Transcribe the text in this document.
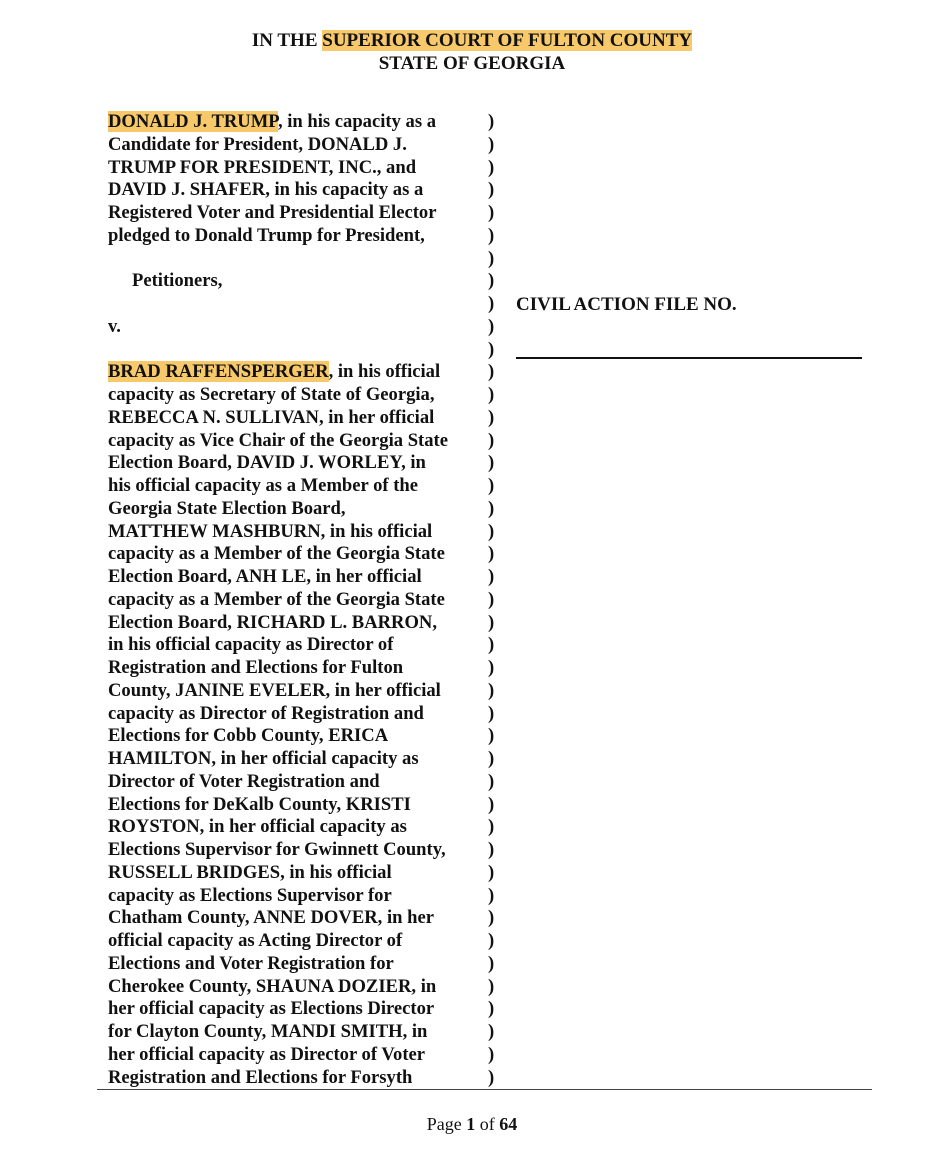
IN THE SUPERIOR COURT OF FULTON COUNTY
STATE OF GEORGIA
DONALD J. TRUMP, in his capacity as a
Candidate for President, DONALD J.
TRUMP FOR PRESIDENT, INC., and
DAVID J. SHAFER, in his capacity as a
Registered Voter and Presidential Elector
pledged to Donald Trump for President,
Petitioners,
v.
BRAD RAFFENSPERGER, in his official
capacity as Secretary of State of Georgia,
REBECCA N. SULLIVAN, in her official
capacity as Vice Chair of the Georgia State
Election Board, DAVID J. WORLEY, in
his official capacity as a Member of the
Georgia State Election Board,
MATTHEW MASHBURN, in his official
capacity as a Member of the Georgia State
Election Board, ANH LE, in her official
capacity as a Member of the Georgia State
Election Board, RICHARD L. BARRON,
in his official capacity as Director of
Registration and Elections for Fulton
County, JANINE EVELER, in her official
capacity as Director of Registration and
Elections for Cobb County, ERICA
HAMILTON, in her official capacity as
Director of Voter Registration and
Elections for DeKalb County, KRISTI
ROYSTON, in her official capacity as
Elections Supervisor for Gwinnett County,
RUSSELL BRIDGES, in his official
capacity as Elections Supervisor for
Chatham County, ANNE DOVER, in her
official capacity as Acting Director of
Elections and Voter Registration for
Cherokee County, SHAUNA DOZIER, in
her official capacity as Elections Director
for Clayton County, MANDI SMITH, in
her official capacity as Director of Voter
Registration and Elections for Forsyth
)
)
)
)
)
)
)
)
)
)
)
)
)
)
)
)
)
)
)
)
)
)
)
)
)
)
)
)
)
)
)
)
)
)
)
)
)
)
)
)
)
)
)
CIVIL ACTION FILE NO.
Page 1 of 64
